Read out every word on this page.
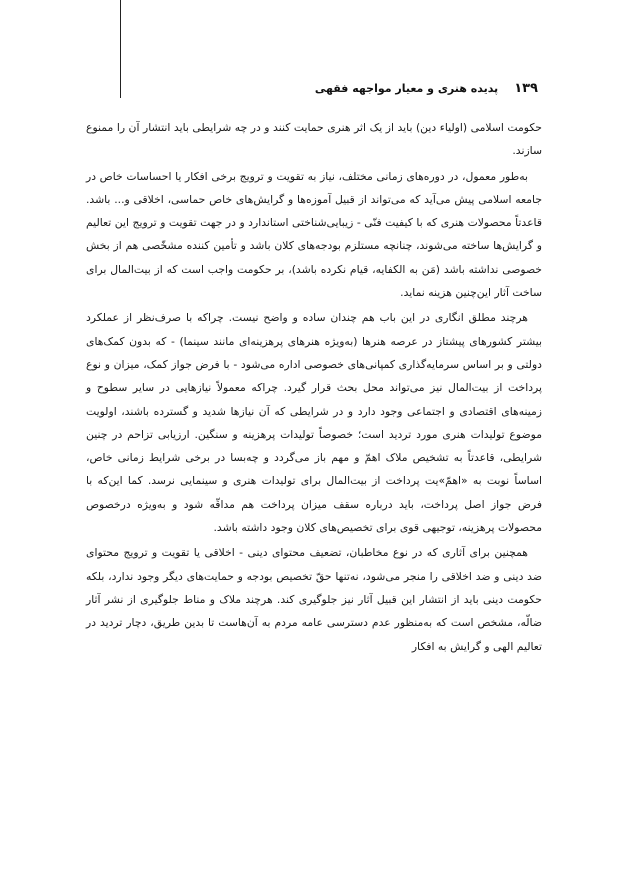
۱۳۹
پدیده هنری و معیار مواجهه فقهی

حکومت اسلامی (اولیاء دین) باید از یک اثر هنری حمایت کنند و در چه شرایطی باید انتشار آن را ممنوع سازند.

به‌طور معمول، در دوره‌های زمانی مختلف، نیاز به تقویت و ترویج برخی افکار یا احساسات خاص در جامعه اسلامی پیش می‌آید که می‌تواند از قبیل آموزه‌ها و گرایش‌های خاص حماسی، اخلاقی و... باشد. قاعدتاً محصولات هنری که با کیفیت فنّی - زیبایی‌شناختی استاندارد و در جهت تقویت و ترویج این تعالیم و گرایش‌ها ساخته می‌شوند، چنانچه مستلزم بودجه‌های کلان باشد و تأمین کننده مشخّصی هم از بخش خصوصی نداشته باشد (مَن به الکفایه، قیام نکرده باشد)، بر حکومت واجب است که از بیت‌المال برای ساخت آثار این‌چنین هزینه نماید.

هرچند مطلق انگاری در این باب هم چندان ساده و واضح نیست. چراکه با صرف‌نظر از عملکرد بیشتر کشورهای پیشتاز در عرصه هنرها (به‌ویژه هنرهای پرهزینه‌ای مانند سینما) - که بدون کمک‌های دولتی و بر اساس سرمایه‌گذاری کمپانی‌های خصوصی اداره می‌شود - با فرض جواز کمک، میزان و نوع پرداخت از بیت‌المال نیز می‌تواند محل بحث قرار گیرد. چراکه معمولاً نیازهایی در سایر سطوح و زمینه‌های اقتصادی و اجتماعی وجود دارد و در شرایطی که آن نیازها شدید و گسترده باشند، اولویت موضوع تولیدات هنری مورد تردید است؛ خصوصاً تولیدات پرهزینه و سنگین. ارزیابی تزاحم در چنین شرایطی، قاعدتاً به تشخیص ملاک اهمّ و مهم باز می‌گردد و چه‌بسا در برخی شرایط زمانی خاص، اساساً نوبت به «اهمّ»یت پرداخت از بیت‌المال برای تولیدات هنری و سینمایی نرسد. کما این‌که با فرض جواز اصل پرداخت، باید درباره سقف میزان پرداخت هم مداقّه شود و به‌ویژه درخصوص محصولات پرهزینه، توجیهی قوی برای تخصیص‌های کلان وجود داشته باشد.

همچنین برای آثاری که در نوع مخاطبان، تضعیف محتوای دینی - اخلاقی یا تقویت و ترویج محتوای ضد دینی و ضد اخلاقی را منجر می‌شود، نه‌تنها حقّ تخصیص بودجه و حمایت‌های دیگر وجود ندارد، بلکه حکومت دینی باید از انتشار این قبیل آثار نیز جلوگیری کند. هرچند ملاک و مناط جلوگیری از نشر آثار ضالّه، مشخص است که به‌منظور عدم دسترسی عامه مردم به آن‌هاست تا بدین طریق، دچار تردید در تعالیم الهی و گرایش به افکار
